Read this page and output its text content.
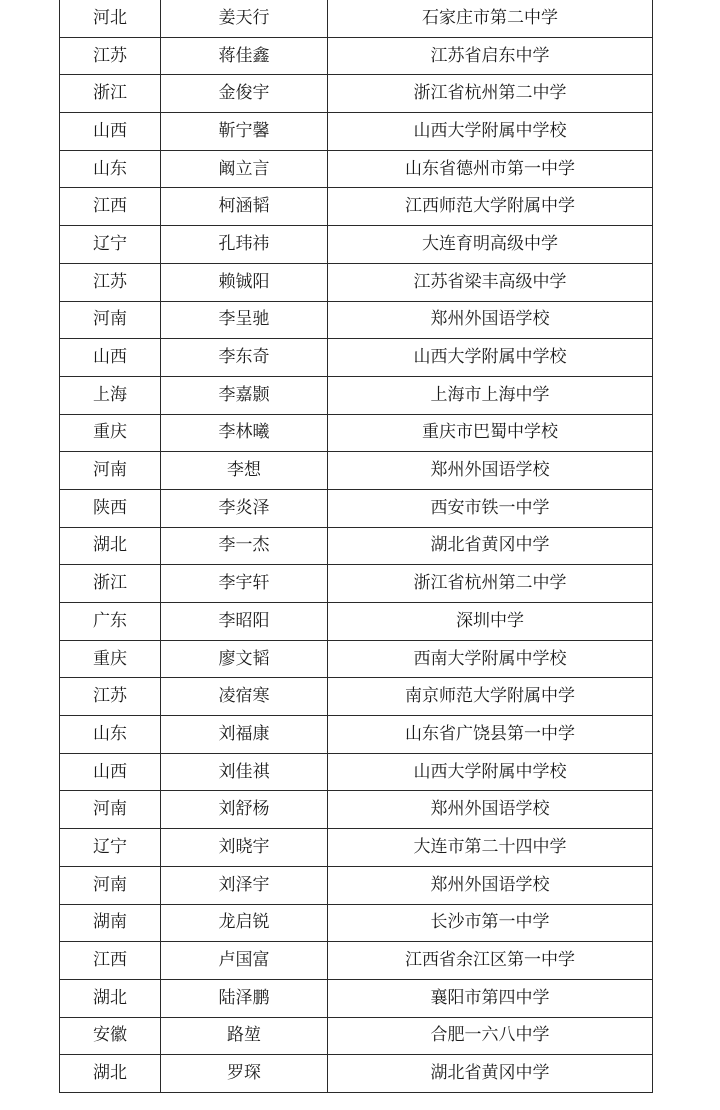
河北	姜天行	石家庄市第二中学
江苏	蒋佳鑫	江苏省启东中学
浙江	金俊宇	浙江省杭州第二中学
山西	靳宁馨	山西大学附属中学校
山东	阚立言	山东省德州市第一中学
江西	柯涵韬	江西师范大学附属中学
辽宁	孔玮祎	大连育明高级中学
江苏	赖铖阳	江苏省梁丰高级中学
河南	李呈驰	郑州外国语学校
山西	李东奇	山西大学附属中学校
上海	李嘉颢	上海市上海中学
重庆	李林曦	重庆市巴蜀中学校
河南	李想	郑州外国语学校
陕西	李炎泽	西安市铁一中学
湖北	李一杰	湖北省黄冈中学
浙江	李宇轩	浙江省杭州第二中学
广东	李昭阳	深圳中学
重庆	廖文韬	西南大学附属中学校
江苏	凌宿寒	南京师范大学附属中学
山东	刘福康	山东省广饶县第一中学
山西	刘佳祺	山西大学附属中学校
河南	刘舒杨	郑州外国语学校
辽宁	刘晓宇	大连市第二十四中学
河南	刘泽宇	郑州外国语学校
湖南	龙启锐	长沙市第一中学
江西	卢国富	江西省余江区第一中学
湖北	陆泽鹏	襄阳市第四中学
安徽	路堃	合肥一六八中学
湖北	罗琛	湖北省黄冈中学
